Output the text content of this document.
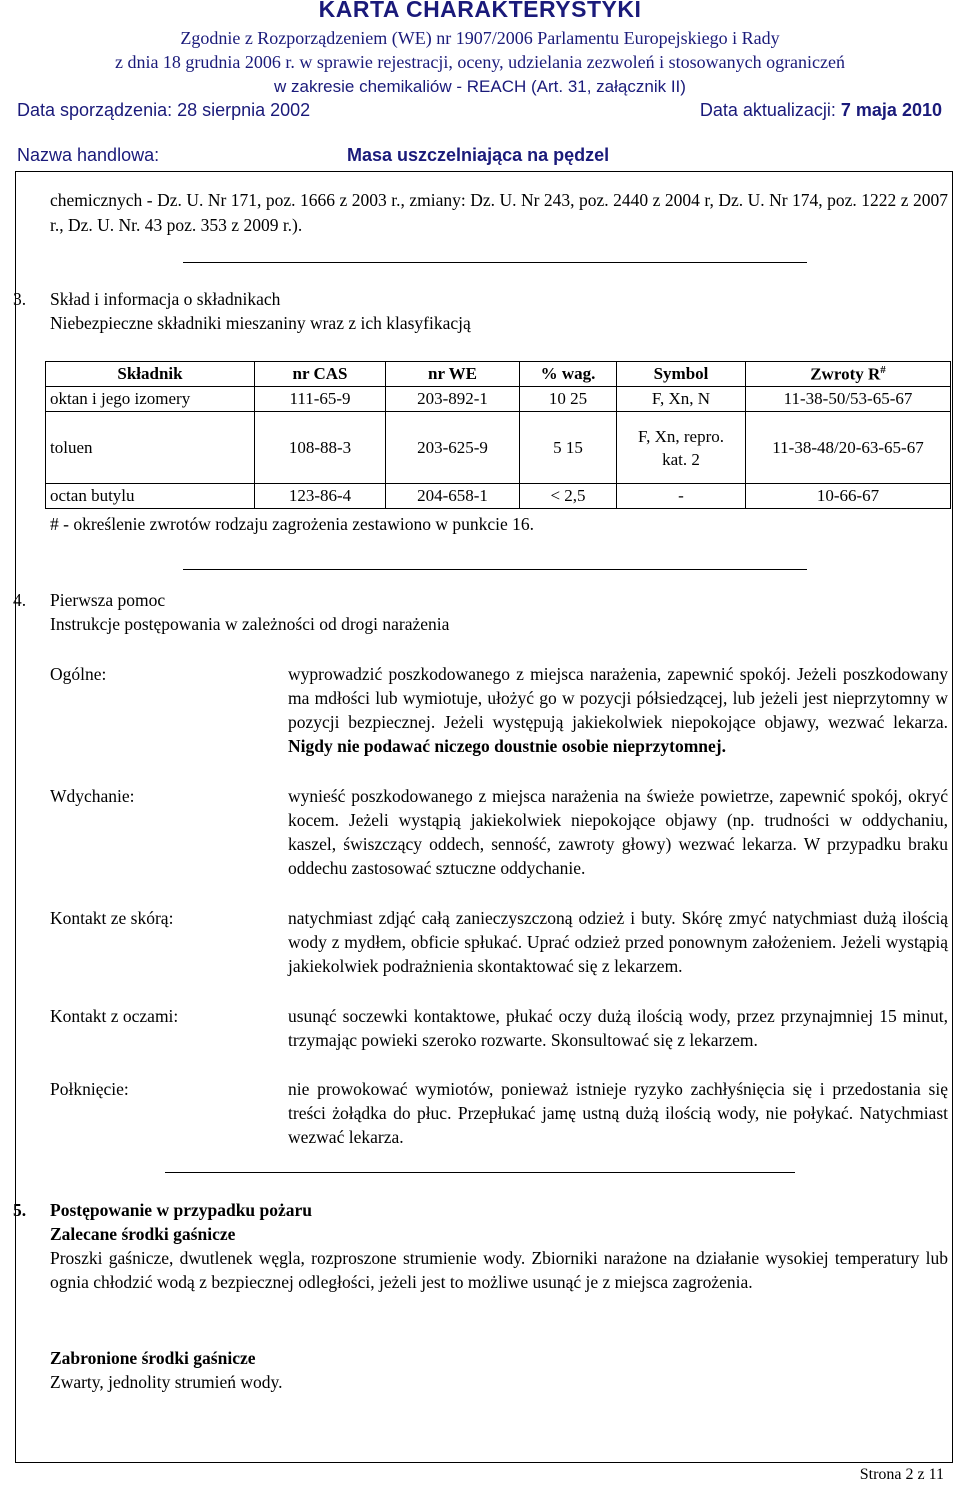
KARTA CHARAKTERYSTYKI
Zgodnie z Rozporządzeniem (WE) nr 1907/2006 Parlamentu Europejskiego i Rady
z dnia 18 grudnia 2006 r. w sprawie rejestracji, oceny, udzielania zezwoleń i stosowanych ograniczeń
w zakresie chemikaliów - REACH (Art. 31, załącznik II)
Data sporządzenia: 28 sierpnia 2002	Data aktualizacji: 7 maja 2010
Nazwa handlowa:	Masa uszczelniająca na pędzel
chemicznych - Dz. U. Nr 171, poz. 1666 z 2003 r., zmiany: Dz. U. Nr 243, poz. 2440 z 2004 r, Dz. U. Nr 174, poz. 1222 z 2007 r., Dz. U. Nr. 43 poz. 353 z 2009 r.).
3. Skład i informacja o składnikach
Niebezpieczne składniki mieszaniny wraz z ich klasyfikacją
Składnik	nr CAS	nr WE	% wag.	Symbol	Zwroty R#
oktan i jego izomery	111-65-9	203-892-1	10 25	F, Xn, N	11-38-50/53-65-67
toluen	108-88-3	203-625-9	5 15	F, Xn, repro. kat. 2	11-38-48/20-63-65-67
octan butylu	123-86-4	204-658-1	< 2,5	-	10-66-67
# - określenie zwrotów rodzaju zagrożenia zestawiono w punkcie 16.
4. Pierwsza pomoc
Instrukcje postępowania w zależności od drogi narażenia
Ogólne:	wyprowadzić poszkodowanego z miejsca narażenia, zapewnić spokój. Jeżeli poszkodowany ma mdłości lub wymiotuje, ułożyć go w pozycji półsiedzącej, lub jeżeli jest nieprzytomny w pozycji bezpiecznej. Jeżeli występują jakiekolwiek niepokojące objawy, wezwać lekarza. Nigdy nie podawać niczego doustnie osobie nieprzytomnej.
Wdychanie:	wynieść poszkodowanego z miejsca narażenia na świeże powietrze, zapewnić spokój, okryć kocem. Jeżeli wystąpią jakiekolwiek niepokojące objawy (np. trudności w oddychaniu, kaszel, świszczący oddech, senność, zawroty głowy) wezwać lekarza. W przypadku braku oddechu zastosować sztuczne oddychanie.
Kontakt ze skórą:	natychmiast zdjąć całą zanieczyszczoną odzież i buty. Skórę zmyć natychmiast dużą ilością wody z mydłem, obficie spłukać. Uprać odzież przed ponownym założeniem. Jeżeli wystąpią jakiekolwiek podrażnienia skontaktować się z lekarzem.
Kontakt z oczami:	usunąć soczewki kontaktowe, płukać oczy dużą ilością wody, przez przynajmniej 15 minut, trzymając powieki szeroko rozwarte. Skonsultować się z lekarzem.
Połknięcie:	nie prowokować wymiotów, ponieważ istnieje ryzyko zachłyśnięcia się i przedostania się treści żołądka do płuc. Przepłukać jamę ustną dużą ilością wody, nie połykać. Natychmiast wezwać lekarza.
5. Postępowanie w przypadku pożaru
Zalecane środki gaśnicze
Proszki gaśnicze, dwutlenek węgla, rozproszone strumienie wody. Zbiorniki narażone na działanie wysokiej temperatury lub ognia chłodzić wodą z bezpiecznej odległości, jeżeli jest to możliwe usunąć je z miejsca zagrożenia.
Zabronione środki gaśnicze
Zwarty, jednolity strumień wody.
Strona 2 z 11
